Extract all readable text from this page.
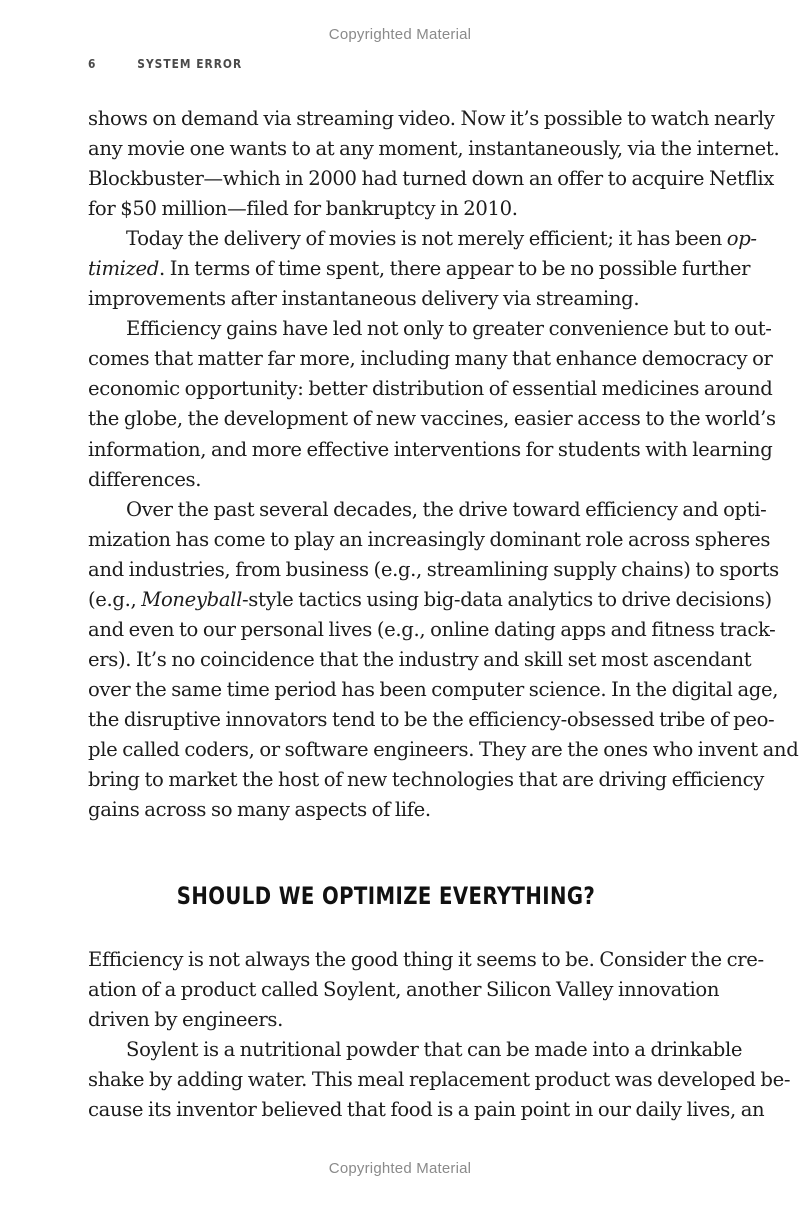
Copyrighted Material
6	SYSTEM ERROR
shows on demand via streaming video. Now it’s possible to watch nearly
any movie one wants to at any moment, instantaneously, via the internet.
Blockbuster—which in 2000 had turned down an offer to acquire Netflix
for $50 million—filed for bankruptcy in 2010.
Today the delivery of movies is not merely efficient; it has been op-
timized. In terms of time spent, there appear to be no possible further
improvements after instantaneous delivery via streaming.
Efficiency gains have led not only to greater convenience but to out-
comes that matter far more, including many that enhance democracy or
economic opportunity: better distribution of essential medicines around
the globe, the development of new vaccines, easier access to the world’s
information, and more effective interventions for students with learning
differences.
Over the past several decades, the drive toward efficiency and opti-
mization has come to play an increasingly dominant role across spheres
and industries, from business (e.g., streamlining supply chains) to sports
(e.g., Moneyball-style tactics using big-data analytics to drive decisions)
and even to our personal lives (e.g., online dating apps and fitness track-
ers). It’s no coincidence that the industry and skill set most ascendant
over the same time period has been computer science. In the digital age,
the disruptive innovators tend to be the efficiency-obsessed tribe of peo-
ple called coders, or software engineers. They are the ones who invent and
bring to market the host of new technologies that are driving efficiency
gains across so many aspects of life.
SHOULD WE OPTIMIZE EVERYTHING?
Efficiency is not always the good thing it seems to be. Consider the cre-
ation of a product called Soylent, another Silicon Valley innovation
driven by engineers.
Soylent is a nutritional powder that can be made into a drinkable
shake by adding water. This meal replacement product was developed be-
cause its inventor believed that food is a pain point in our daily lives, an
Copyrighted Material
